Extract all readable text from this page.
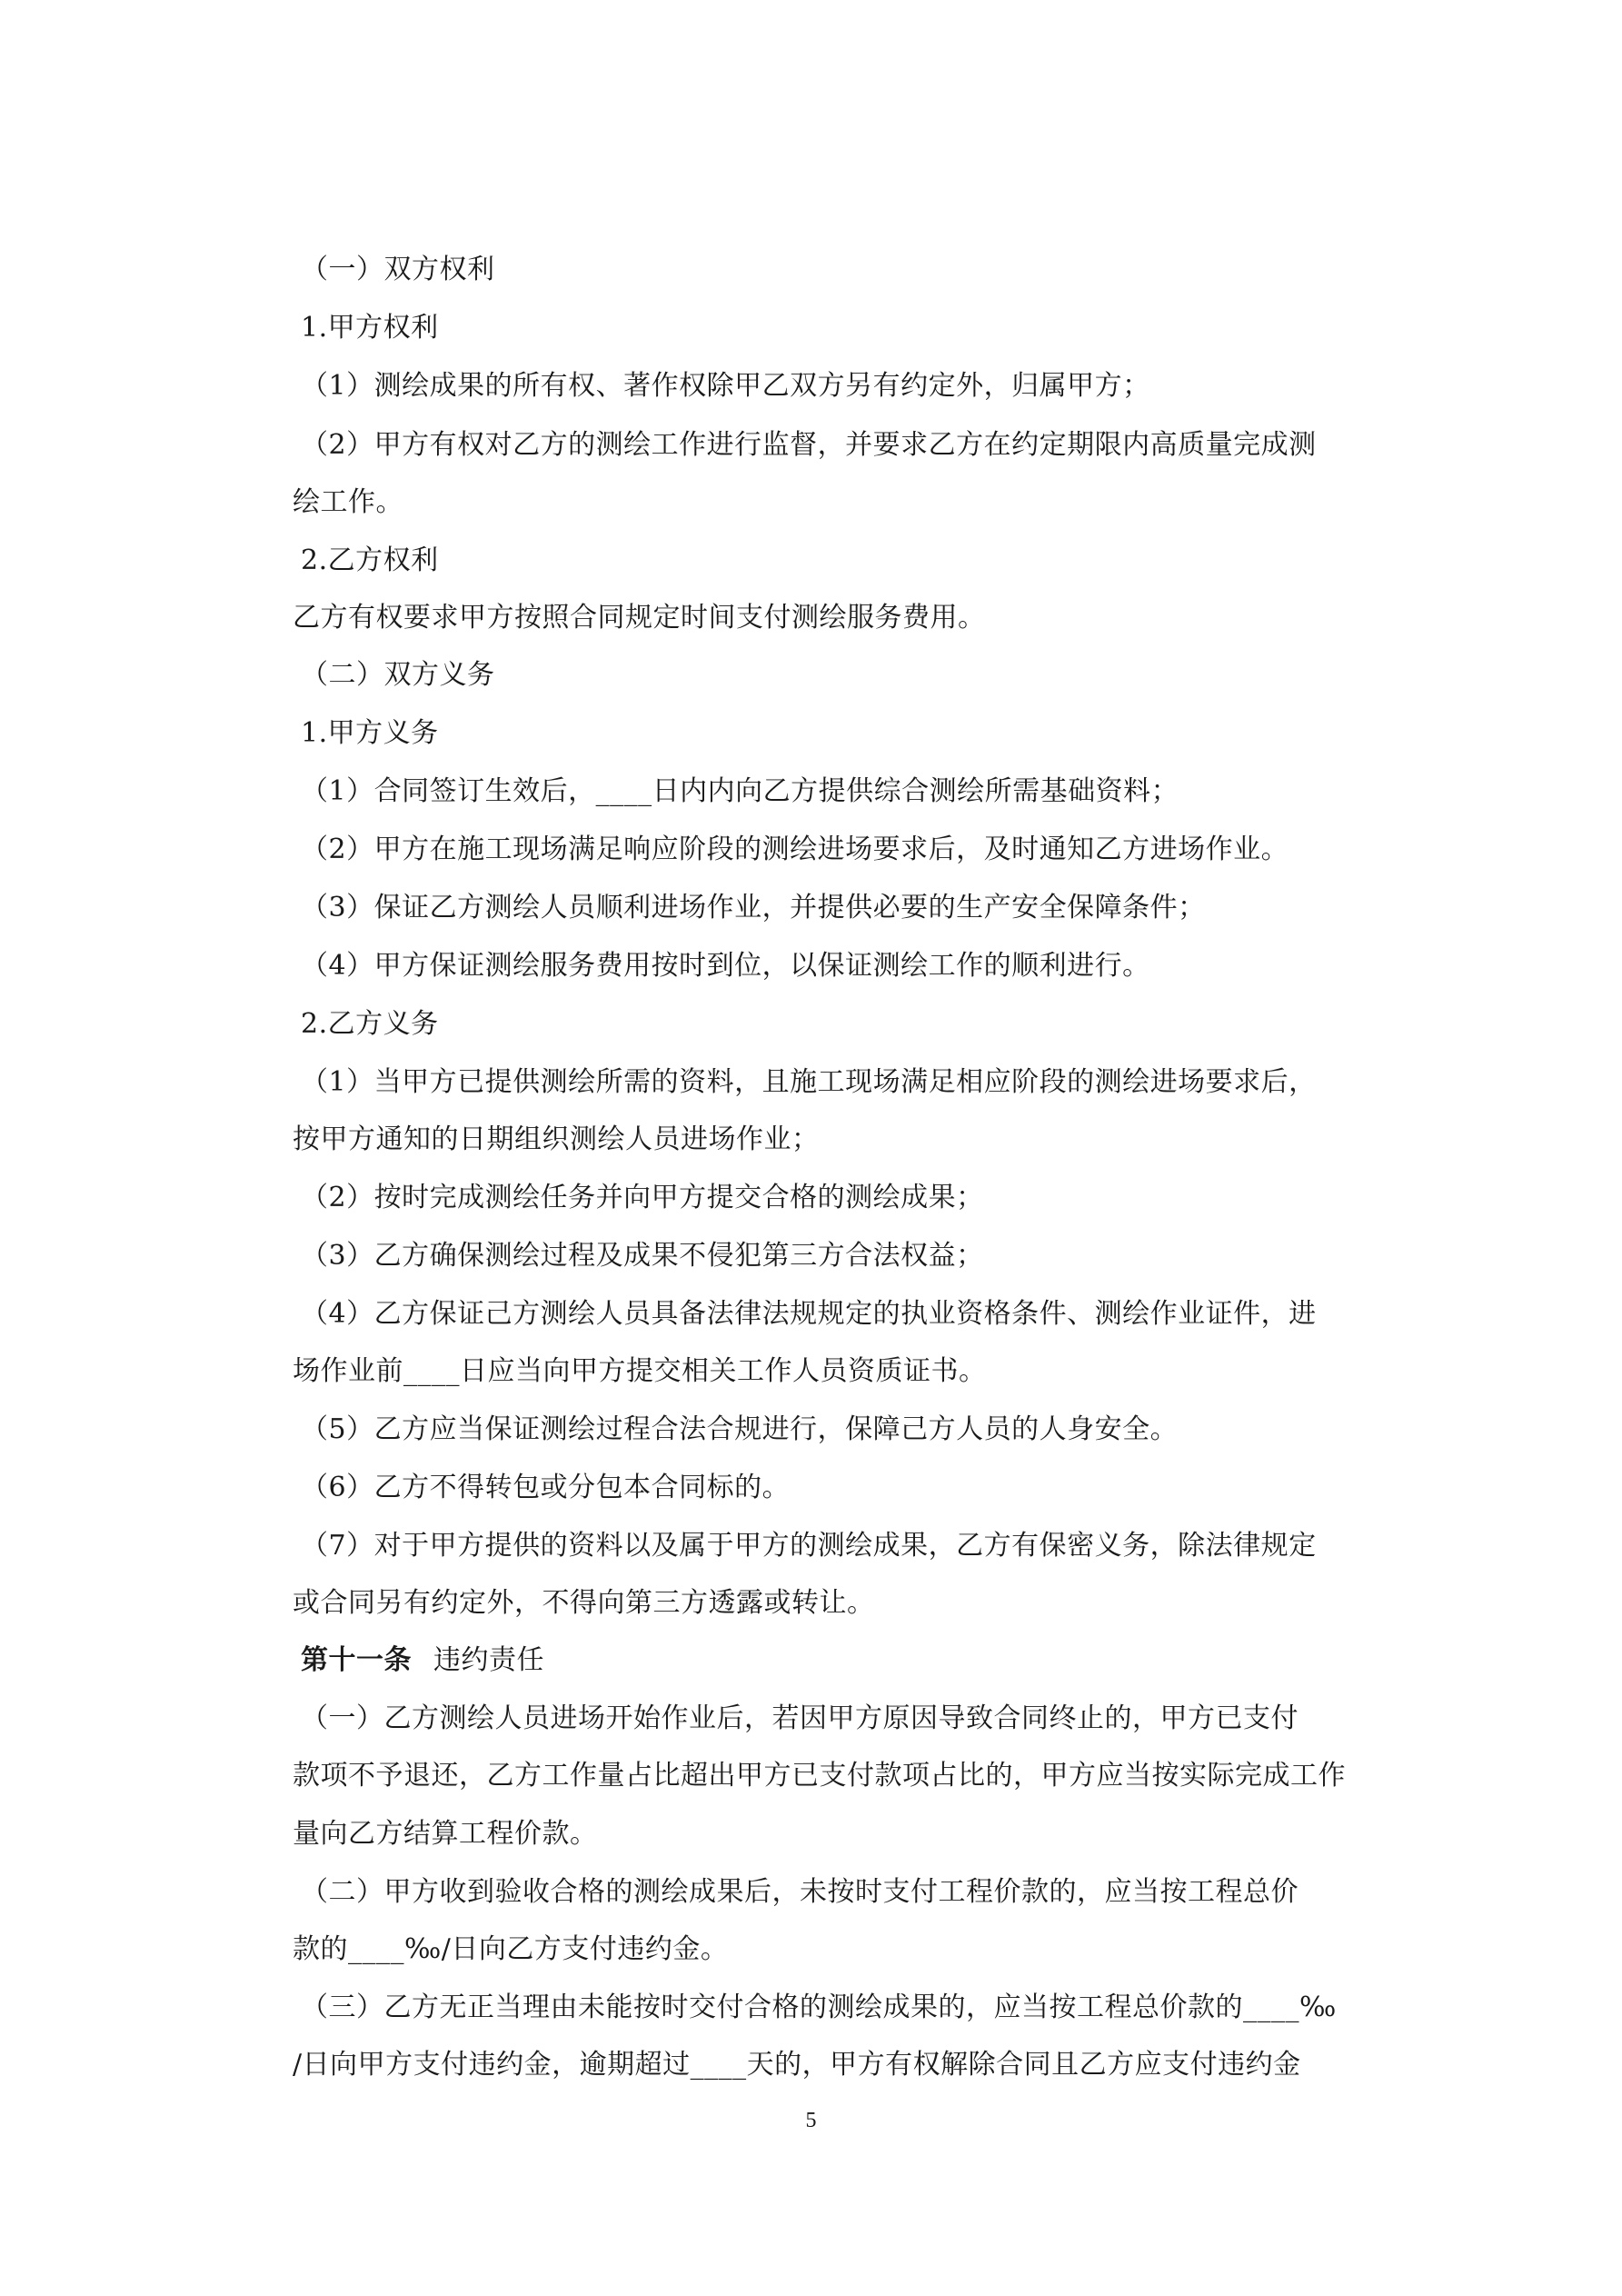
（一）双方权利
1.甲方权利
（1）测绘成果的所有权、著作权除甲乙双方另有约定外，归属甲方；
（2）甲方有权对乙方的测绘工作进行监督，并要求乙方在约定期限内高质量完成测
绘工作。
2.乙方权利
乙方有权要求甲方按照合同规定时间支付测绘服务费用。
（二）双方义务
1.甲方义务
（1）合同签订生效后，____日内内向乙方提供综合测绘所需基础资料；
（2）甲方在施工现场满足响应阶段的测绘进场要求后，及时通知乙方进场作业。
（3）保证乙方测绘人员顺利进场作业，并提供必要的生产安全保障条件；
（4）甲方保证测绘服务费用按时到位，以保证测绘工作的顺利进行。
2.乙方义务
（1）当甲方已提供测绘所需的资料，且施工现场满足相应阶段的测绘进场要求后，
按甲方通知的日期组织测绘人员进场作业；
（2）按时完成测绘任务并向甲方提交合格的测绘成果；
（3）乙方确保测绘过程及成果不侵犯第三方合法权益；
（4）乙方保证己方测绘人员具备法律法规规定的执业资格条件、测绘作业证件，进
场作业前____日应当向甲方提交相关工作人员资质证书。
（5）乙方应当保证测绘过程合法合规进行，保障己方人员的人身安全。
（6）乙方不得转包或分包本合同标的。
（7）对于甲方提供的资料以及属于甲方的测绘成果，乙方有保密义务，除法律规定
或合同另有约定外，不得向第三方透露或转让。
第十一条 违约责任
（一）乙方测绘人员进场开始作业后，若因甲方原因导致合同终止的，甲方已支付
款项不予退还，乙方工作量占比超出甲方已支付款项占比的，甲方应当按实际完成工作
量向乙方结算工程价款。
（二）甲方收到验收合格的测绘成果后，未按时支付工程价款的，应当按工程总价
款的____‰/日向乙方支付违约金。
（三）乙方无正当理由未能按时交付合格的测绘成果的，应当按工程总价款的____‰
/日向甲方支付违约金，逾期超过____天的，甲方有权解除合同且乙方应支付违约金
5
